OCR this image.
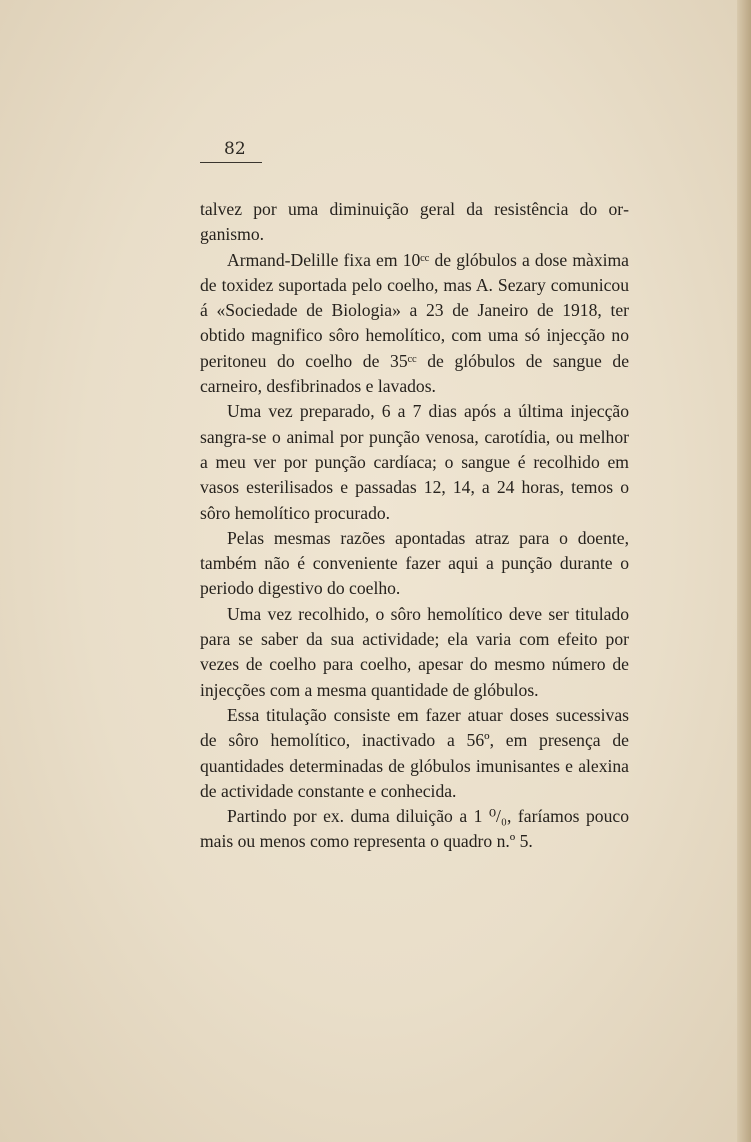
82

talvez por uma diminuição geral da resistência do organismo.

Armand-Delille fixa em 10ᶜᶜ de glóbulos a dose màxima de toxidez suportada pelo coelho, mas A. Sezary comunicou á «Sociedade de Biologia» a 23 de Janeiro de 1918, ter obtido magnifico sôro hemolítico, com uma só injecção no peritoneu do coelho de 35ᶜᶜ de glóbulos de sangue de carneiro, desfibrinados e lavados.

Uma vez preparado, 6 a 7 dias após a última injecção sangra-se o animal por punção venosa, carotídia, ou melhor a meu ver por punção cardíaca; o sangue é recolhido em vasos esterilisados e passadas 12, 14, a 24 horas, temos o sôro hemolítico procurado.

Pelas mesmas razões apontadas atraz para o doente, também não é conveniente fazer aqui a punção durante o periodo digestivo do coelho.

Uma vez recolhido, o sôro hemolítico deve ser titulado para se saber da sua actividade; ela varia com efeito por vezes de coelho para coelho, apesar do mesmo número de injecções com a mesma quantidade de glóbulos.

Essa titulação consiste em fazer atuar doses sucessivas de sôro hemolítico, inactivado a 56º, em presença de quantidades determinadas de glóbulos imunisantes e alexina de actividade constante e conhecida.

Partindo por ex. duma diluição a 1 ⁰/₀, faríamos pouco mais ou menos como representa o quadro n.º 5.
